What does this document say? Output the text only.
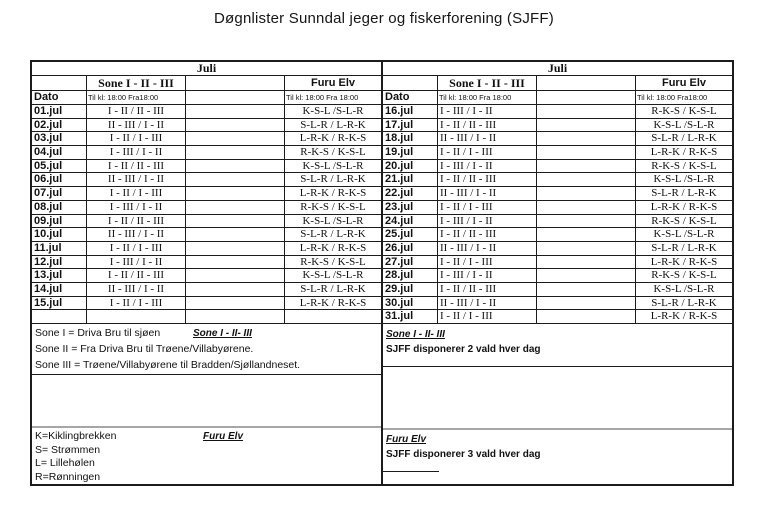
Døgnlister Sunndal jeger og fiskerforening (SJFF)
Juli
Sone I - II - III	Furu Elv
Dato	Til kl: 18:00 Fra18:00	Til kl: 18:00 Fra 18:00
01.jul	I - II / II - III	K-S-L /S-L-R
02.jul	II - III / I - II	S-L-R / L-R-K
03.jul	I - II / I - III	L-R-K / R-K-S
04.jul	I - III / I - II	R-K-S / K-S-L
05.jul	I - II / II - III	K-S-L /S-L-R
06.jul	II - III / I - II	S-L-R / L-R-K
07.jul	I - II / I - III	L-R-K / R-K-S
08.jul	I - III / I - II	R-K-S / K-S-L
09.jul	I - II / II - III	K-S-L /S-L-R
10.jul	II - III / I - II	S-L-R / L-R-K
11.jul	I - II / I - III	L-R-K / R-K-S
12.jul	I - III / I - II	R-K-S / K-S-L
13.jul	I - II / II - III	K-S-L /S-L-R
14.jul	II - III / I - II	S-L-R / L-R-K
15.jul	I - II / I - III	L-R-K / R-K-S
Sone I = Driva Bru til sjøen	Sone I - II- III
Sone II = Fra Driva Bru til Trøene/Villabyørene.
Sone III = Trøene/Villabyørene til Bradden/Sjøllandneset.
K=Kiklingbrekken	Furu Elv
S= Strømmen
L= Lillehølen
R=Rønningen
Juli
Sone I - II - III	Furu Elv
Dato	Til kl: 18:00 Fra 18:00	Til kl: 18:00 Fra18:00
16.jul	I - III / I - II	R-K-S / K-S-L
17.jul	I - II / II - III	K-S-L /S-L-R
18.jul	II - III / I - II	S-L-R / L-R-K
19.jul	I - II / I - III	L-R-K / R-K-S
20.jul	I - III / I - II	R-K-S / K-S-L
21.jul	I - II / II - III	K-S-L /S-L-R
22.jul	II - III / I - II	S-L-R / L-R-K
23.jul	I - II / I - III	L-R-K / R-K-S
24.jul	I - III / I - II	R-K-S / K-S-L
25.jul	I - II / II - III	K-S-L /S-L-R
26.jul	II - III / I - II	S-L-R / L-R-K
27.jul	I - II / I - III	L-R-K / R-K-S
28.jul	I - III / I - II	R-K-S / K-S-L
29.jul	I - II / II - III	K-S-L /S-L-R
30.jul	II - III / I - II	S-L-R / L-R-K
31.jul	I - II / I - III	L-R-K / R-K-S
Sone I - II- III
SJFF disponerer 2 vald hver dag
Furu Elv
SJFF disponerer 3 vald hver dag
